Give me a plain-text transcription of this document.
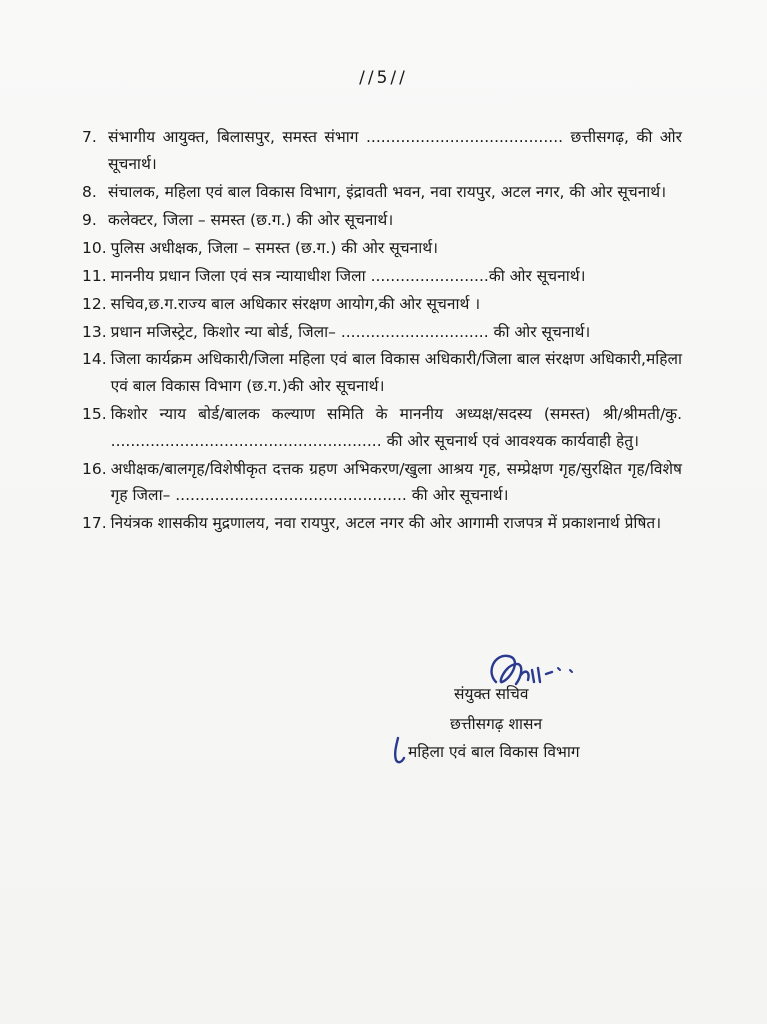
//5//
7. संभागीय आयुक्त, बिलासपुर, समस्त संभाग ........................................ छत्तीसगढ़, की ओर सूचनार्थ।
8. संचालक, महिला एवं बाल विकास विभाग, इंद्रावती भवन, नवा रायपुर, अटल नगर, की ओर सूचनार्थ।
9. कलेक्टर, जिला – समस्त (छ.ग.) की ओर सूचनार्थ।
10. पुलिस अधीक्षक, जिला – समस्त (छ.ग.) की ओर सूचनार्थ।
11. माननीय प्रधान जिला एवं सत्र न्यायाधीश जिला ........................की ओर सूचनार्थ।
12. सचिव,छ.ग.राज्य बाल अधिकार संरक्षण आयोग,की ओर सूचनार्थ ।
13. प्रधान मजिस्ट्रेट, किशोर न्या बोर्ड, जिला– .............................. की ओर सूचनार्थ।
14. जिला कार्यक्रम अधिकारी/जिला महिला एवं बाल विकास अधिकारी/जिला बाल संरक्षण अधिकारी,महिला एवं बाल विकास विभाग (छ.ग.)की ओर सूचनार्थ।
15. किशोर न्याय बोर्ड/बालक कल्याण समिति के माननीय अध्यक्ष/सदस्य (समस्त) श्री/श्रीमती/कु. ....................................................... की ओर सूचनार्थ एवं आवश्यक कार्यवाही हेतु।
16. अधीक्षक/बालगृह/विशेषीकृत दत्तक ग्रहण अभिकरण/खुला आश्रय गृह, सम्प्रेक्षण गृह/सुरक्षित गृह/विशेष गृह जिला– ............................................... की ओर सूचनार्थ।
17. नियंत्रक शासकीय मुद्रणालय, नवा रायपुर, अटल नगर की ओर आगामी राजपत्र में प्रकाशनार्थ प्रेषित।
संयुक्त सचिव
छत्तीसगढ़ शासन
महिला एवं बाल विकास विभाग
